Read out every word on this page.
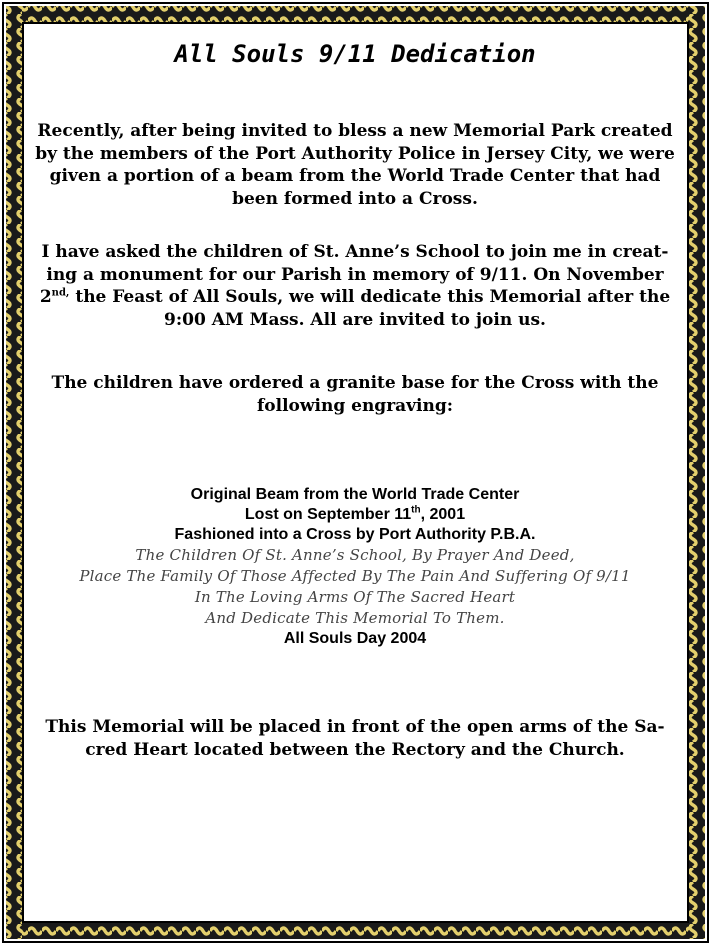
All Souls 9/11 Dedication

Recently, after being invited to bless a new Memorial Park created by the members of the Port Authority Police in Jersey City, we were given a portion of a beam from the World Trade Center that had been formed into a Cross.

I have asked the children of St. Anne’s School to join me in creat-ing a monument for our Parish in memory of 9/11. On November $2^{nd,}$ the Feast of All Souls, we will dedicate this Memorial after the 9:00 AM Mass. All are invited to join us.

The children have ordered a granite base for the Cross with the following engraving:

Original Beam from the World Trade Center

Lost on September 11th, 2001

Fashioned into a Cross by Port Authority P.B.A.

The Children Of St. Anne’s School, By Prayer And Deed,

Place The Family Of Those Affected By The Pain And Suffering Of 9/11

In The Loving Arms Of The Sacred Heart

And Dedicate This Memorial To Them.

All Souls Day 2004

This Memorial will be placed in front of the open arms of the Sa-cred Heart located between the Rectory and the Church.
